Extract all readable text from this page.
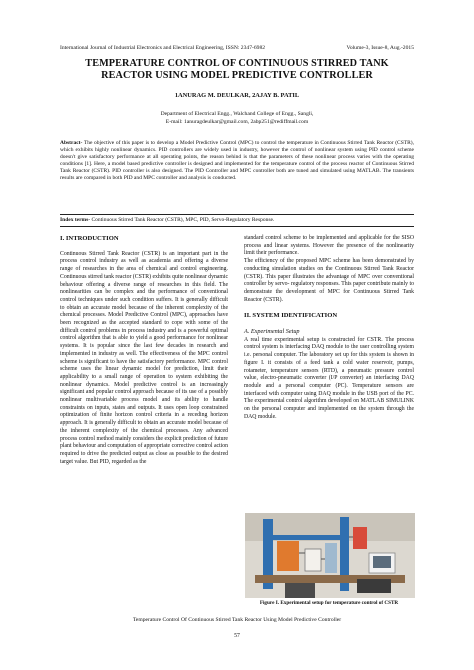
International Journal of Industrial Electronics and Electrical Engineering, ISSN: 2347-6982	Volume-3, Issue-8, Aug.-2015
TEMPERATURE CONTROL OF CONTINUOUS STIRRED TANK
REACTOR USING MODEL PREDICTIVE CONTROLLER
1ANURAG M. DEULKAR, 2AJAY B. PATIL
Department of Electrical Engg., Walchand College of Engg., Sangli,
E-mail: 1anuragdeulkar@gmail.com, 2abp251@rediffmail.com
Abstract- The objective of this paper is to develop a Model Predictive Control (MPC) to control the temperature in Continuous Stirred Tank Reactor (CSTR), which exhibits highly nonlinear dynamics. PID controllers are widely used in industry, however the control of nonlinear system using PID control scheme doesn't give satisfactory performance at all operating points, the reason behind is that the parameters of these nonlinear process varies with the operating conditions [1]. Here, a model based predictive controller is designed and implemented for the temperature control of the process reactor of Continuous Stirred Tank Reactor (CSTR). PID controller is also designed. The PID Controller and MPC controller both are tuned and simulated using MATLAB. The transients results are compared in both PID and MPC controller and analysis is conducted.
Index terms- Continuous Stirred Tank Reactor (CSTR), MPC, PID, Servo-Regulatory Response.
I. INTRODUCTION

Continuous Stirred Tank Reactor (CSTR) is an important part in the process control industry as well as academia and offering a diverse range of researches in the area of chemical and control engineering. Continuous stirred tank reactor (CSTR) exhibits quite nonlinear dynamic behaviour offering a diverse range of researches in this field. The nonlinearities can be complex and the performance of conventional control techniques under such condition suffers. It is generally difficult to obtain an accurate model because of the inherent complexity of the chemical processes. Model Predictive Control (MPC), approaches have been recognized as the accepted standard to cope with some of the difficult control problems in process industry and is a powerful optimal control algorithm that is able to yield a good performance for nonlinear systems. It is popular since the last few decades in research and implemented in industry as well. The effectiveness of the MPC control scheme is significant to have the satisfactory performance. MPC control scheme uses the linear dynamic model for prediction, limit their applicability to a small range of operation to system exhibiting the nonlinear dynamics. Model predictive control is an increasingly significant and popular control approach because of its use of a possibly nonlinear multivariable process model and its ability to handle constraints on inputs, states and outputs. It uses open loop constrained optimization of finite horizon control criteria in a receding horizon approach. It is generally difficult to obtain an accurate model because of the inherent complexity of the chemical processes. Any advanced process control method mainly considers the explicit prediction of future plant behaviour and computation of appropriate corrective control action required to drive the predicted output as close as possible to the desired target value. But PID, regarded as the

standard control scheme to be implemented and applicable for the SISO process and linear systems. However the presence of the nonlinearity limit their performance.

The efficiency of the proposed MPC scheme has been demonstrated by conducting simulation studies on the Continuous Stirred Tank Reactor (CSTR). This paper illustrates the advantage of MPC over conventional controller by servo- regulatory responses. This paper contribute mainly to demonstrate the development of MPC for Continuous Stirred Tank Reactor (CSTR).

II. SYSTEM IDENTIFICATION
A. Experimental Setup

A real time experimental setup is constructed for CSTR. The process control system is interfacing DAQ module to the user controlling system i.e. personal computer. The laboratory set up for this system is shown in figure I. it consists of a feed tank a cold water reservoir, pumps, rotameter, temperature sensors (RTD), a pneumatic pressure control value, electro-pneumatic converter (I/P converter) an interfacing DAQ module and a personal computer (PC). Temperature sensors are interfaced with computer using DAQ module in the USB port of the PC. The experimental control algorithm developed on MATLAB SIMULINK on the personal computer and implemented on the system through the DAQ module.

Figure I. Experimental setup for temperature control of CSTR
Temperature Control Of Continuous Stirred Tank Reactor Using Model Predictive Controller
57
